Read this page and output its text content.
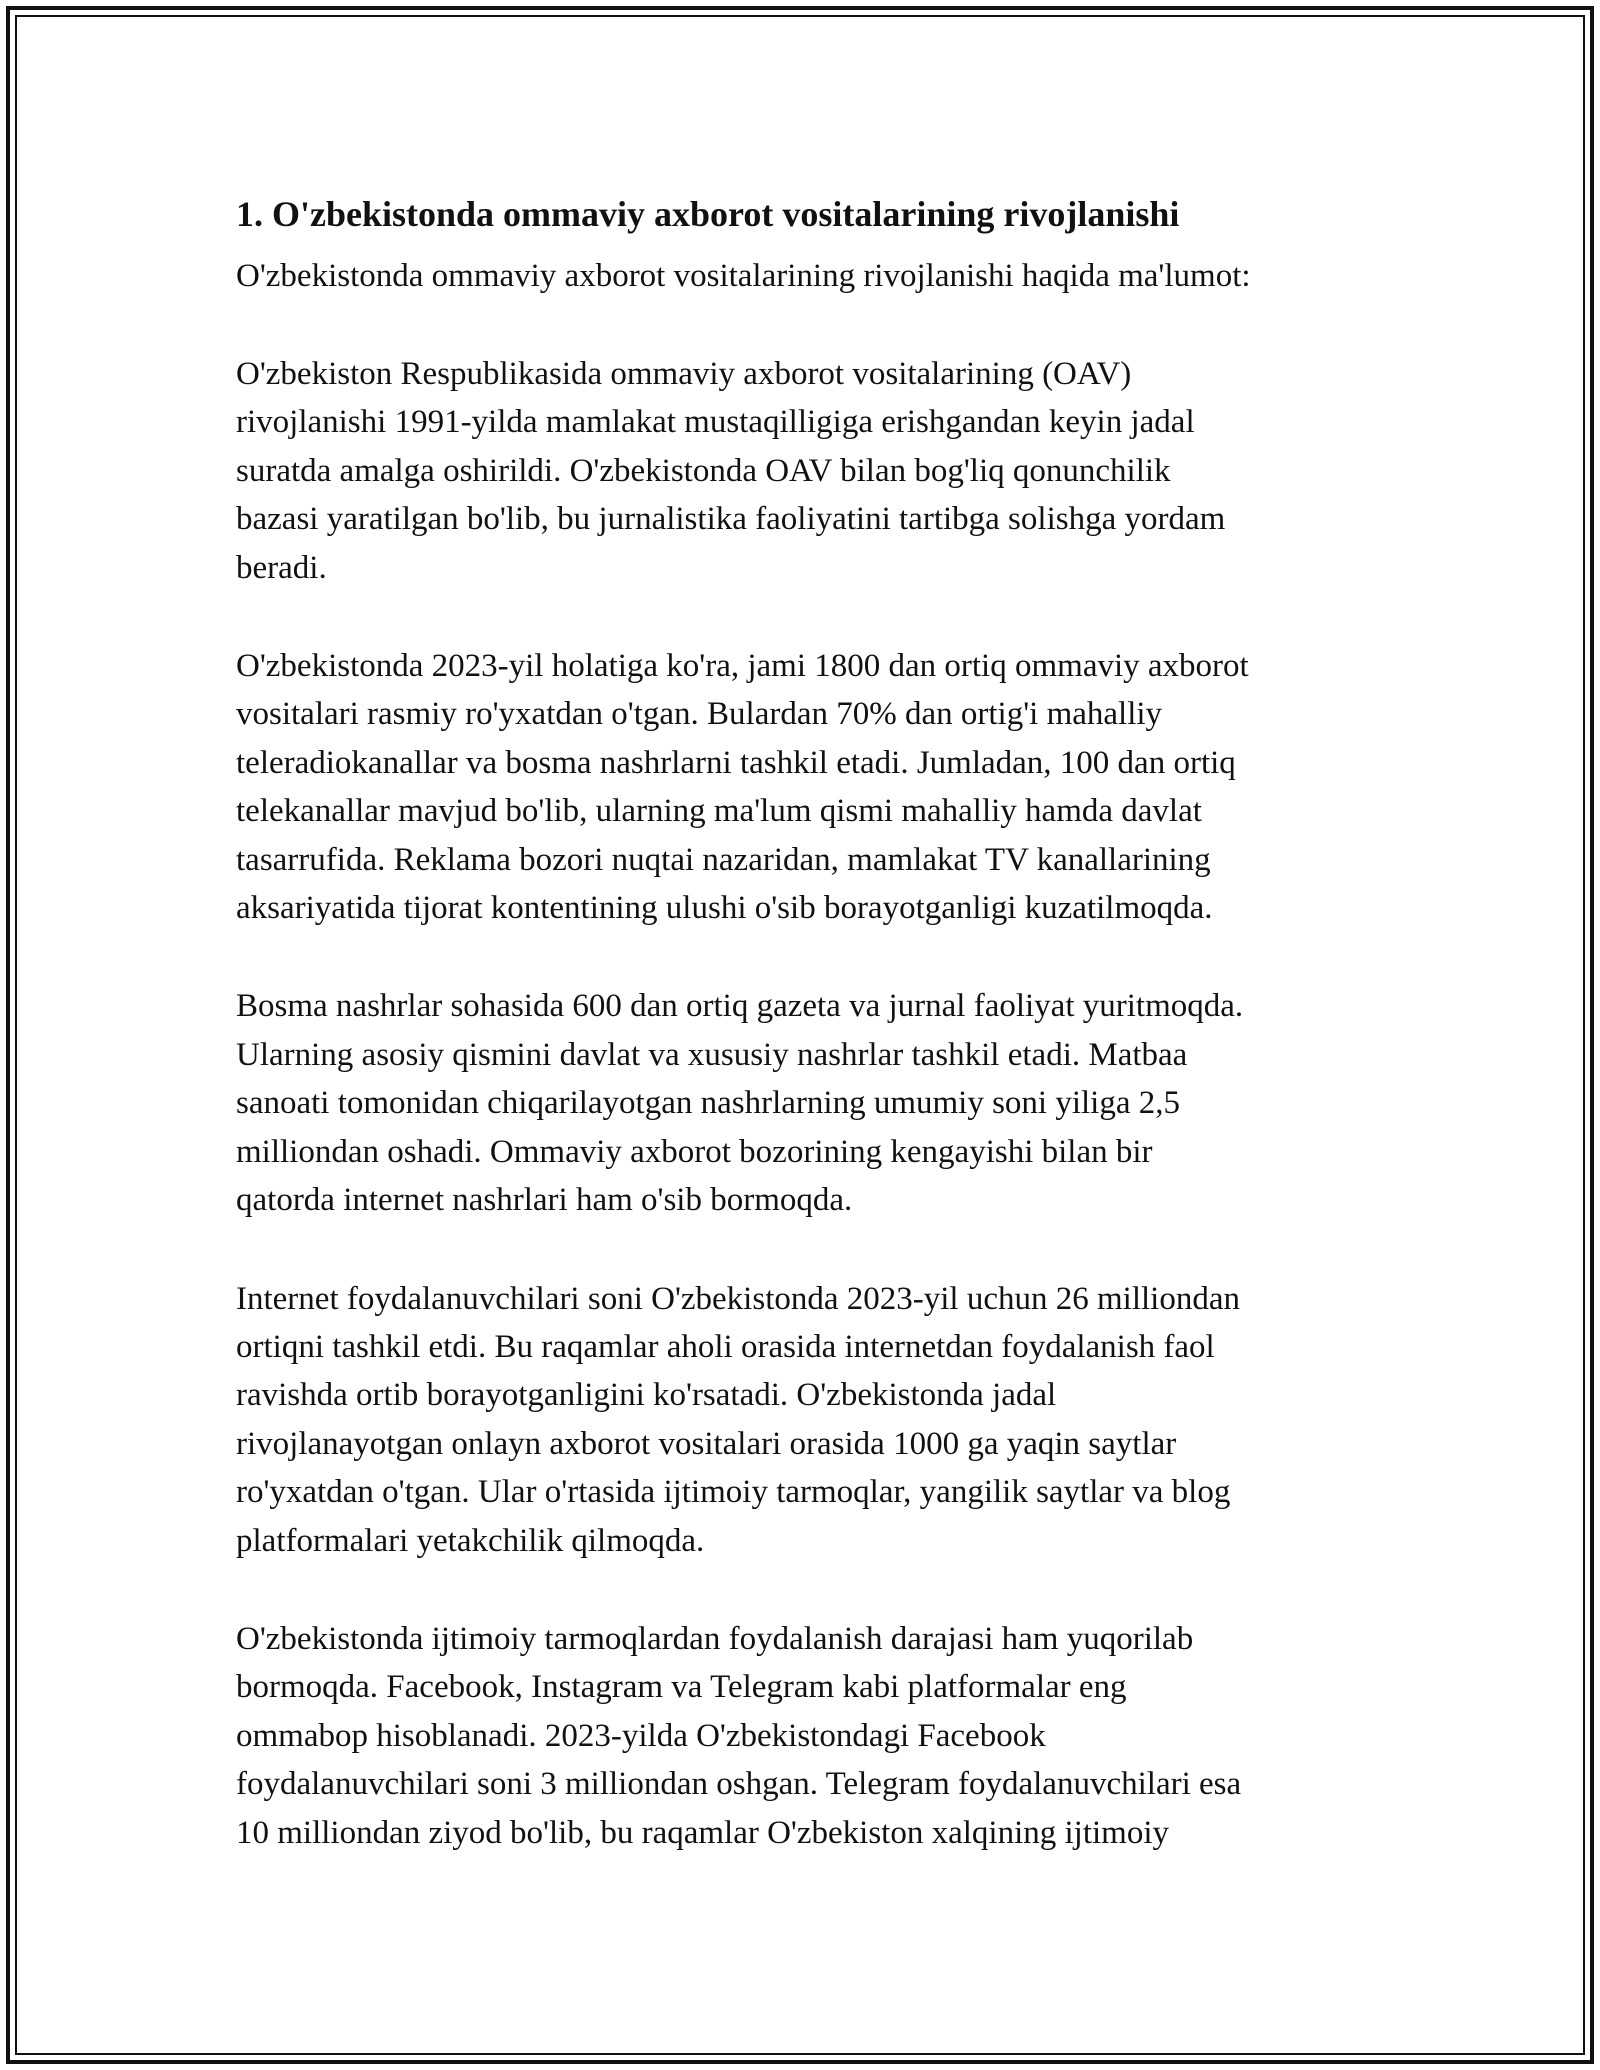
1. O'zbekistonda ommaviy axborot vositalarining rivojlanishi

O'zbekistonda ommaviy axborot vositalarining rivojlanishi haqida ma'lumot:

O'zbekiston Respublikasida ommaviy axborot vositalarining (OAV)
rivojlanishi 1991-yilda mamlakat mustaqilligiga erishgandan keyin jadal
suratda amalga oshirildi. O'zbekistonda OAV bilan bog'liq qonunchilik
bazasi yaratilgan bo'lib, bu jurnalistika faoliyatini tartibga solishga yordam
beradi.

O'zbekistonda 2023-yil holatiga ko'ra, jami 1800 dan ortiq ommaviy axborot
vositalari rasmiy ro'yxatdan o'tgan. Bulardan 70% dan ortig'i mahalliy
teleradiokanallar va bosma nashrlarni tashkil etadi. Jumladan, 100 dan ortiq
telekanallar mavjud bo'lib, ularning ma'lum qismi mahalliy hamda davlat
tasarrufida. Reklama bozori nuqtai nazaridan, mamlakat TV kanallarining
aksariyatida tijorat kontentining ulushi o'sib borayotganligi kuzatilmoqda.

Bosma nashrlar sohasida 600 dan ortiq gazeta va jurnal faoliyat yuritmoqda.
Ularning asosiy qismini davlat va xususiy nashrlar tashkil etadi. Matbaa
sanoati tomonidan chiqarilayotgan nashrlarning umumiy soni yiliga 2,5
milliondan oshadi. Ommaviy axborot bozorining kengayishi bilan bir
qatorda internet nashrlari ham o'sib bormoqda.

Internet foydalanuvchilari soni O'zbekistonda 2023-yil uchun 26 milliondan
ortiqni tashkil etdi. Bu raqamlar aholi orasida internetdan foydalanish faol
ravishda ortib borayotganligini ko'rsatadi. O'zbekistonda jadal
rivojlanayotgan onlayn axborot vositalari orasida 1000 ga yaqin saytlar
ro'yxatdan o'tgan. Ular o'rtasida ijtimoiy tarmoqlar, yangilik saytlar va blog
platformalari yetakchilik qilmoqda.

O'zbekistonda ijtimoiy tarmoqlardan foydalanish darajasi ham yuqorilab
bormoqda. Facebook, Instagram va Telegram kabi platformalar eng
ommabop hisoblanadi. 2023-yilda O'zbekistondagi Facebook
foydalanuvchilari soni 3 milliondan oshgan. Telegram foydalanuvchilari esa
10 milliondan ziyod bo'lib, bu raqamlar O'zbekiston xalqining ijtimoiy
